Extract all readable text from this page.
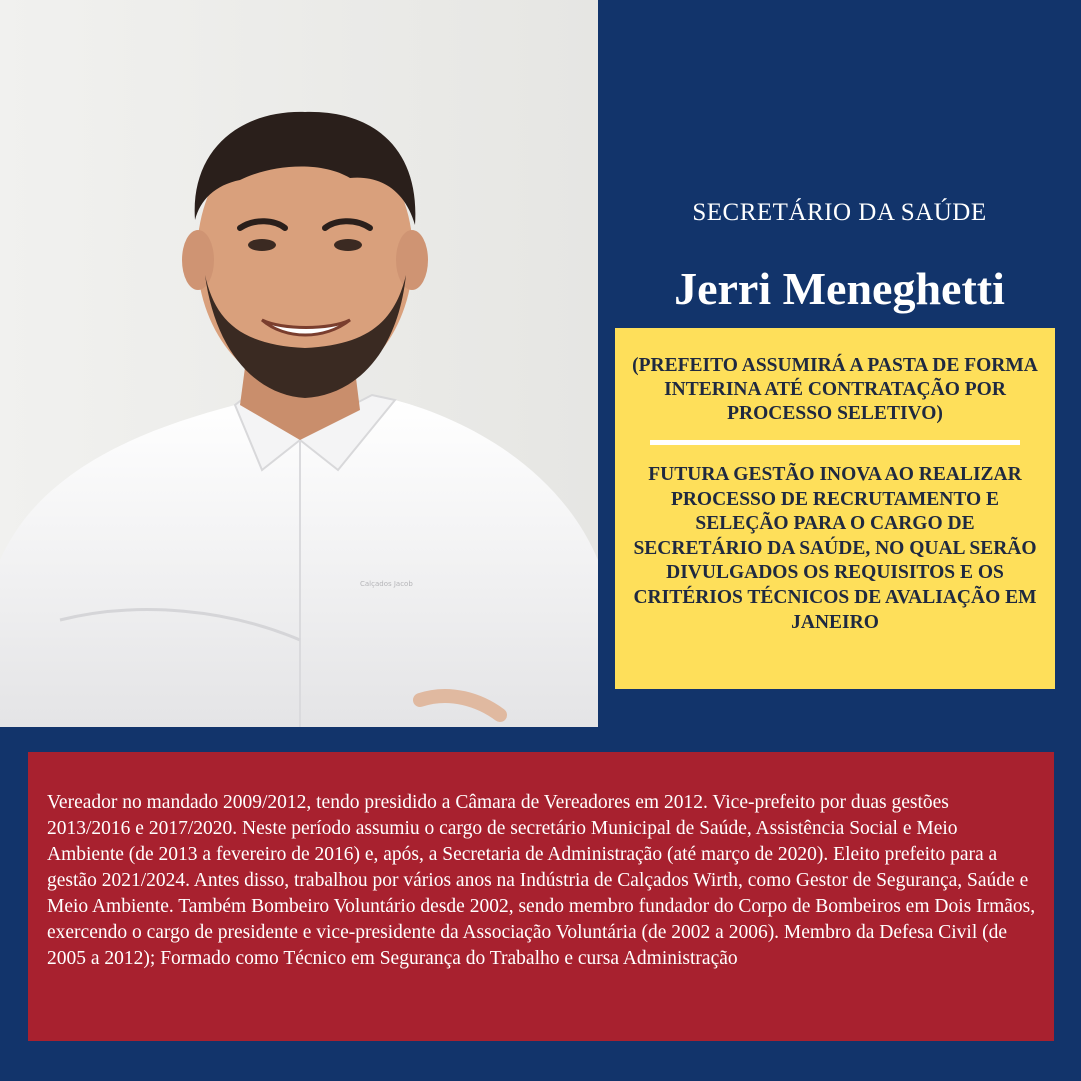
Calçados Jacob
SECRETÁRIO DA SAÚDE
Jerri Meneghetti
(PREFEITO ASSUMIRÁ A PASTA DE FORMA INTERINA ATÉ CONTRATAÇÃO POR PROCESSO SELETIVO)
FUTURA GESTÃO INOVA AO REALIZAR PROCESSO DE RECRUTAMENTO E SELEÇÃO PARA O CARGO DE SECRETÁRIO DA SAÚDE, NO QUAL SERÃO DIVULGADOS OS REQUISITOS E OS CRITÉRIOS TÉCNICOS DE AVALIAÇÃO EM JANEIRO
Vereador no mandado 2009/2012, tendo presidido a Câmara de Vereadores em 2012. Vice-prefeito por duas gestões 2013/2016 e 2017/2020. Neste período assumiu o cargo de secretário Municipal de Saúde, Assistência Social e Meio Ambiente (de 2013 a fevereiro de 2016) e, após, a Secretaria de Administração (até março de 2020). Eleito prefeito para a gestão 2021/2024. Antes disso, trabalhou por vários anos na Indústria de Calçados Wirth, como Gestor de Segurança, Saúde e Meio Ambiente. Também Bombeiro Voluntário desde 2002, sendo membro fundador do Corpo de Bombeiros em Dois Irmãos, exercendo o cargo de presidente e vice-presidente da Associação Voluntária (de 2002 a 2006). Membro da Defesa Civil (de 2005 a 2012); Formado como Técnico em Segurança do Trabalho e cursa Administração
